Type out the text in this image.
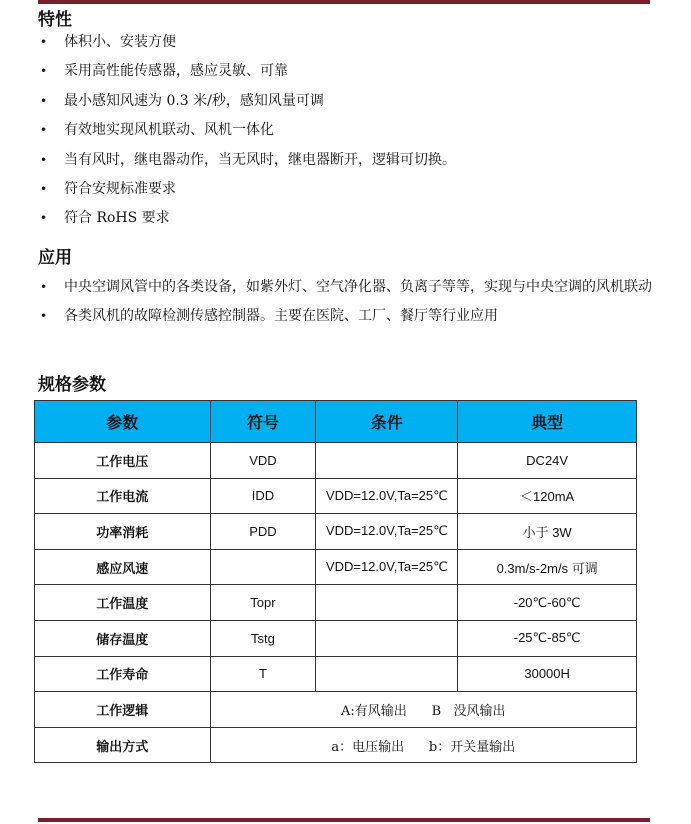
特性
• 体积小、安装方便
• 采用高性能传感器，感应灵敏、可靠
• 最小感知风速为 0.3 米/秒，感知风量可调
• 有效地实现风机联动、风机一体化
• 当有风时，继电器动作，当无风时，继电器断开，逻辑可切换。
• 符合安规标准要求
• 符合 RoHS 要求
应用
• 中央空调风管中的各类设备，如紫外灯、空气净化器、负离子等等，实现与中央空调的风机联动
• 各类风机的故障检测传感控制器。主要在医院、工厂、餐厅等行业应用
规格参数
参数	符号	条件	典型
工作电压	VDD		DC24V
工作电流	IDD	VDD=12.0V,Ta=25℃	＜120mA
功率消耗	PDD	VDD=12.0V,Ta=25℃	小于 3W
感应风速		VDD=12.0V,Ta=25℃	0.3m/s-2m/s 可调
工作温度	Topr		-20℃-60℃
储存温度	Tstg		-25℃-85℃
工作寿命	T		30000H
工作逻辑	A:有风输出      B   没风输出		
输出方式	a：电压输出      b：开关量输出		
